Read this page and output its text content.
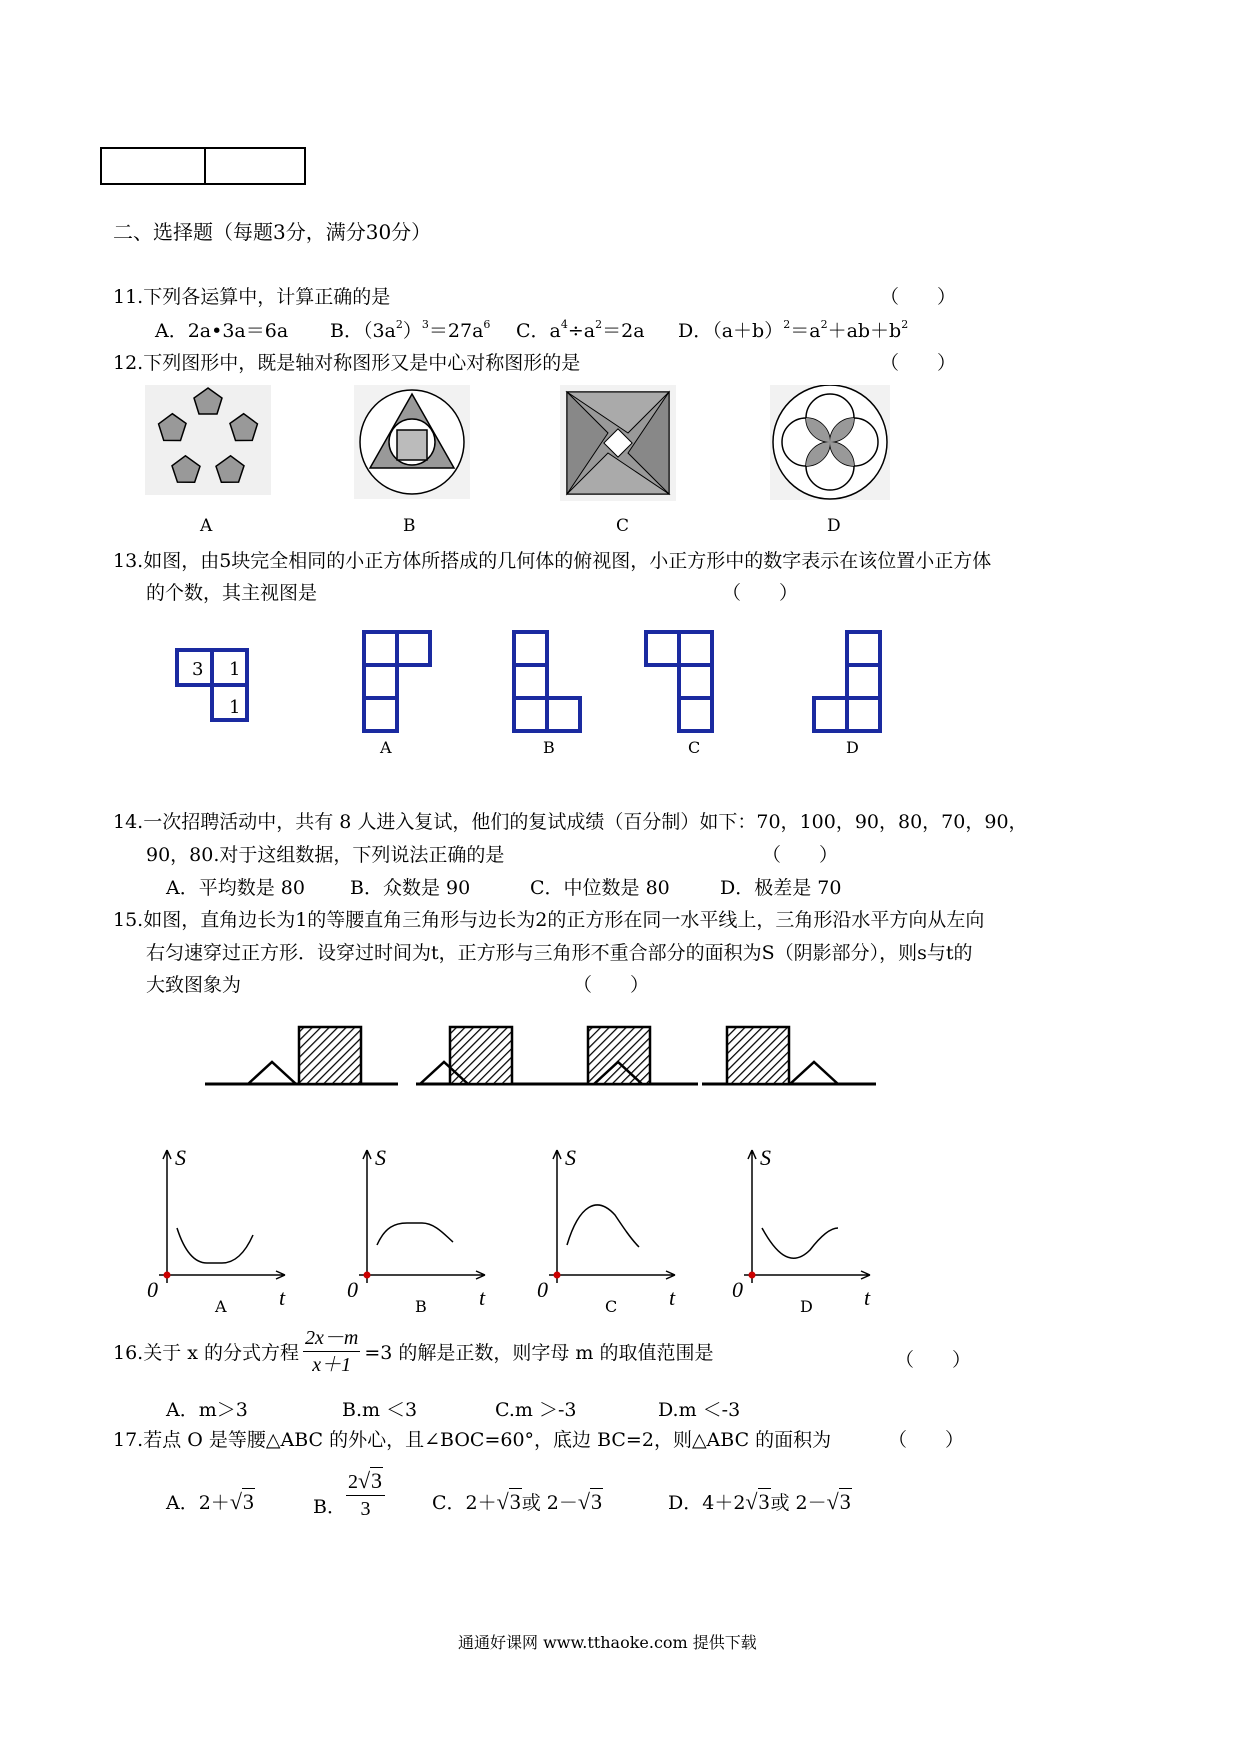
二、选择题（每题3分，满分30分）
11.下列各运算中，计算正确的是	（　　）
A．2a•3a＝6a B．$(3a^2)^3=27a^6$ C．$a^4\div a^2=2a$ D．$(a+b)^2=a^2+ab+b^2$
12.下列图形中，既是轴对称图形又是中心对称图形的是	（　　）
A	B	C	D
13.如图，由5块完全相同的小正方体所搭成的几何体的俯视图，小正方形中的数字表示在该位置小正方体
的个数，其主视图是	（　　）
3 1
1
A	B	C	D
14.一次招聘活动中，共有 8 人进入复试，他们的复试成绩（百分制）如下：70，100，90，80，70，90，
90，80.对于这组数据，下列说法正确的是	（　　）
A．平均数是 80 B．众数是 90	C．中位数是 80	D．极差是 70
15.如图，直角边长为1的等腰直角三角形与边长为2的正方形在同一水平线上，三角形沿水平方向从左向
右匀速穿过正方形．设穿过时间为t，正方形与三角形不重合部分的面积为S（阴影部分），则s与t的
大致图象为	（　　）
S
t
0
A
S
t
0
B
S
t
0
C
S
t
0
D
16.关于 x 的分式方程 $\frac{2x-m}{x+1} =3$ 的解是正数，则字母 m 的取值范围是	（　　）
A．m＞3	B.m ＜3	C.m ＞-3	D.m ＜-3
17.若点 O 是等腰△ABC 的外心，且∠BOC=60°，底边 BC=2，则△ABC 的面积为	（　　）
A．2＋√3	B． $\frac{2√3}{3}$ C．2＋√3或 2－√3	D．4＋2√3或 2－√3
通通好课网 www.tthaoke.com 提供下载
